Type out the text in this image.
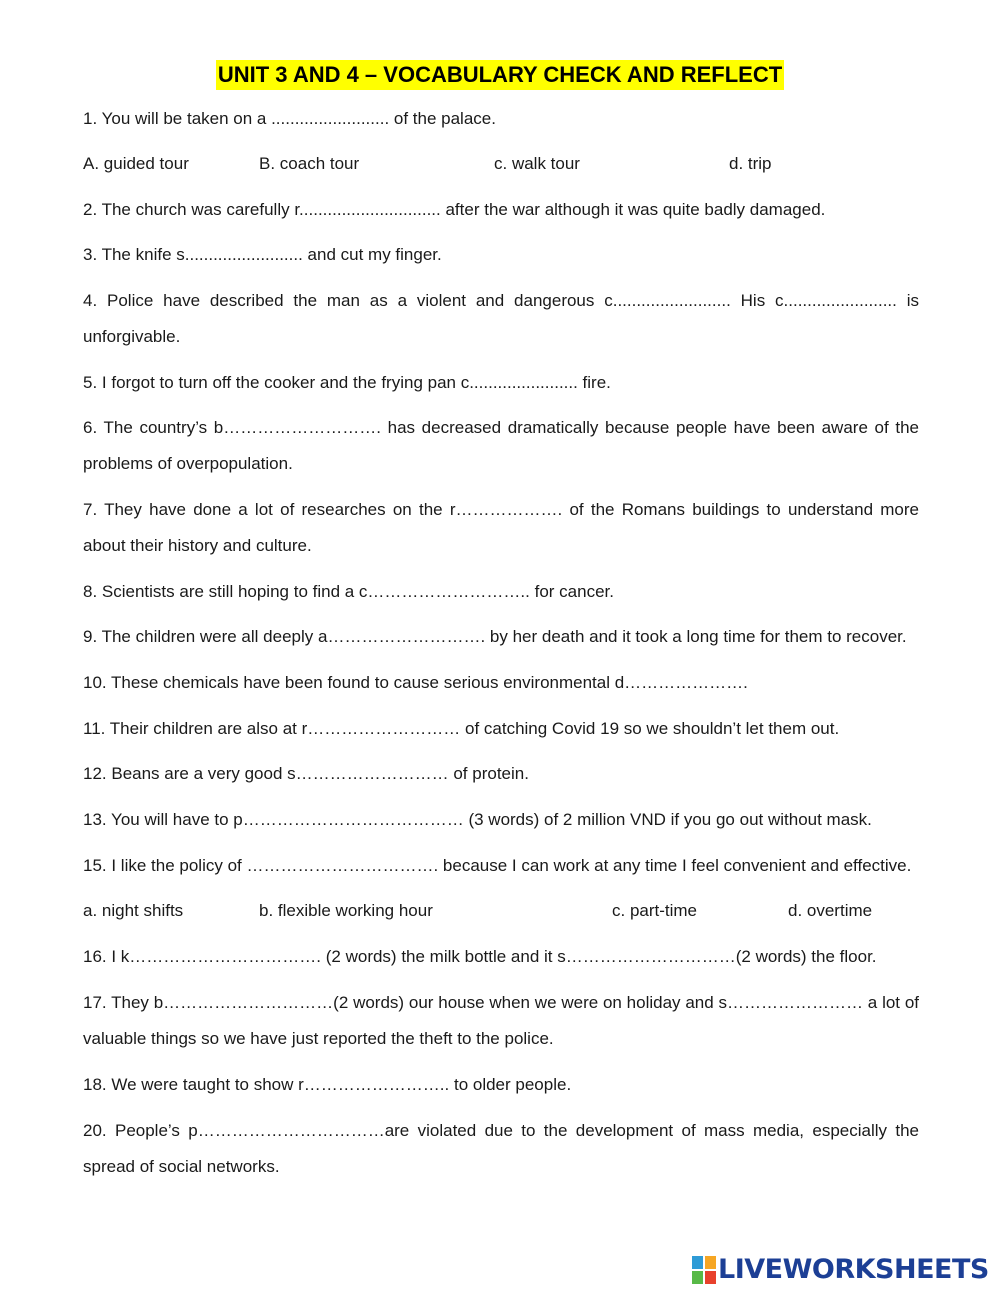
UNIT 3 AND 4 – VOCABULARY CHECK AND REFLECT
1. You will be taken on a ......................... of the palace.
A. guided tour	B. coach tour	c. walk tour	d. trip
2. The church was carefully r.............................. after the war although it was quite badly damaged.
3. The knife s......................... and cut my finger.
4. Police have described the man as a violent and dangerous c......................... His c........................ is unforgivable.
5. I forgot to turn off the cooker and the frying pan c....................... fire.
6. The country’s b………………………. has decreased dramatically because people have been aware of the problems of overpopulation.
7. They have done a lot of researches on the r………………. of the Romans buildings to understand more about their history and culture.
8. Scientists are still hoping to find a c……………………….. for cancer.
9. The children were all deeply a………………………. by her death and it took a long time for them to recover.
10. These chemicals have been found to cause serious environmental d………………….
11. Their children are also at r……………………… of catching Covid 19 so we shouldn’t let them out.
12. Beans are a very good s……………………… of protein.
13. You will have to p………………………………… (3 words) of 2 million VND if you go out without mask.
15. I like the policy of ……………………………. because I can work at any time I feel convenient and effective.
a. night shifts	b. flexible working hour	c. part-time	d. overtime
16. I k……………………………. (2 words) the milk bottle and it s…………………………(2 words) the floor.
17. They b…………………………(2 words) our house when we were on holiday and s…………………… a lot of valuable things so we have just reported the theft to the police.
18. We were taught to show r…………………….. to older people.
20. People’s p……………………………are violated due to the development of mass media, especially the spread of social networks.
LIVEWORKSHEETS
